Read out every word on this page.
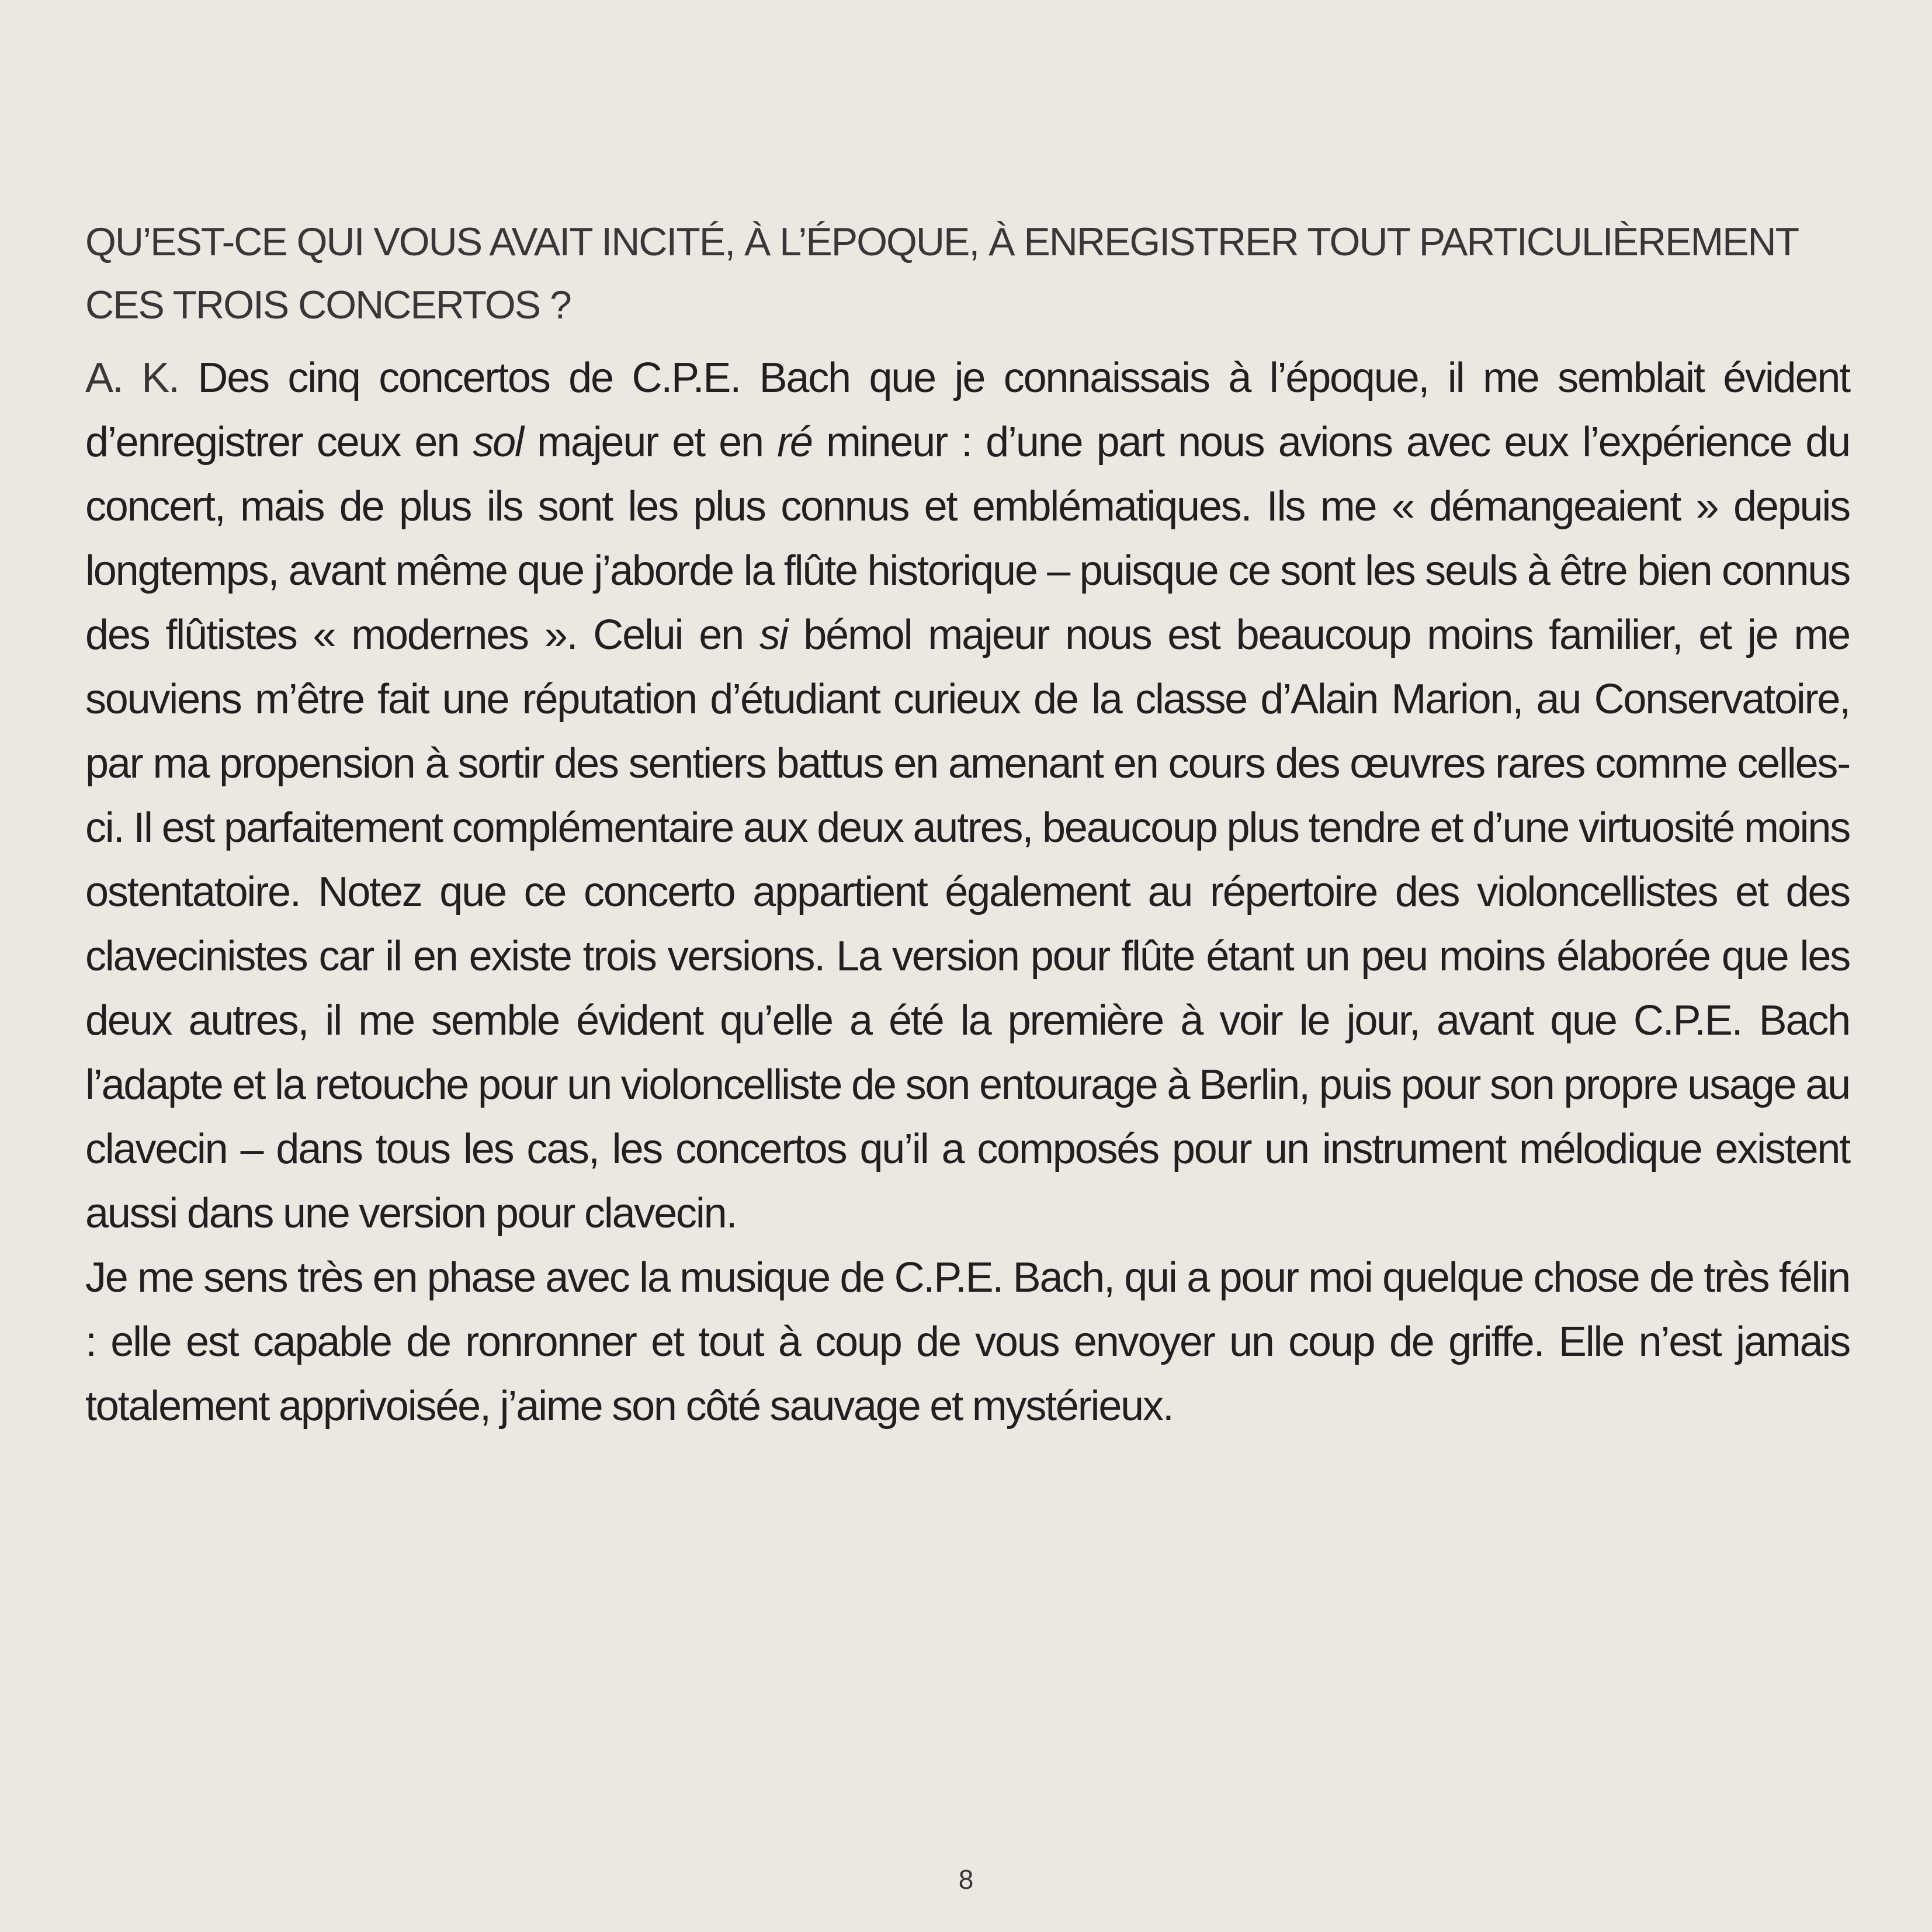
QU’EST-CE QUI VOUS AVAIT INCITÉ, À L’ÉPOQUE, À ENREGISTRER TOUT PARTICULIÈREMENT
CES TROIS CONCERTOS ?

A. K. Des cinq concertos de C.P.E. Bach que je connaissais à l’époque, il me semblait évident d’enregistrer ceux en sol majeur et en ré mineur : d’une part nous avions avec eux l’expérience du concert, mais de plus ils sont les plus connus et emblématiques. Ils me « démangeaient » depuis longtemps, avant même que j’aborde la flûte historique – puisque ce sont les seuls à être bien connus des flûtistes « modernes ». Celui en si bémol majeur nous est beaucoup moins familier, et je me souviens m’être fait une réputation d’étudiant curieux de la classe d’Alain Marion, au Conservatoire, par ma propension à sortir des sentiers battus en amenant en cours des œuvres rares comme celles-ci. Il est parfaitement complémentaire aux deux autres, beaucoup plus tendre et d’une virtuosité moins ostentatoire. Notez que ce concerto appartient également au répertoire des violoncellistes et des clavecinistes car il en existe trois versions. La version pour flûte étant un peu moins élaborée que les deux autres, il me semble évident qu’elle a été la première à voir le jour, avant que C.P.E. Bach l’adapte et la retouche pour un violoncelliste de son entourage à Berlin, puis pour son propre usage au clavecin – dans tous les cas, les concertos qu’il a composés pour un instrument mélodique existent aussi dans une version pour clavecin.

Je me sens très en phase avec la musique de C.P.E. Bach, qui a pour moi quelque chose de très félin : elle est capable de ronronner et tout à coup de vous envoyer un coup de griffe. Elle n’est jamais totalement apprivoisée, j’aime son côté sauvage et mystérieux.

8
